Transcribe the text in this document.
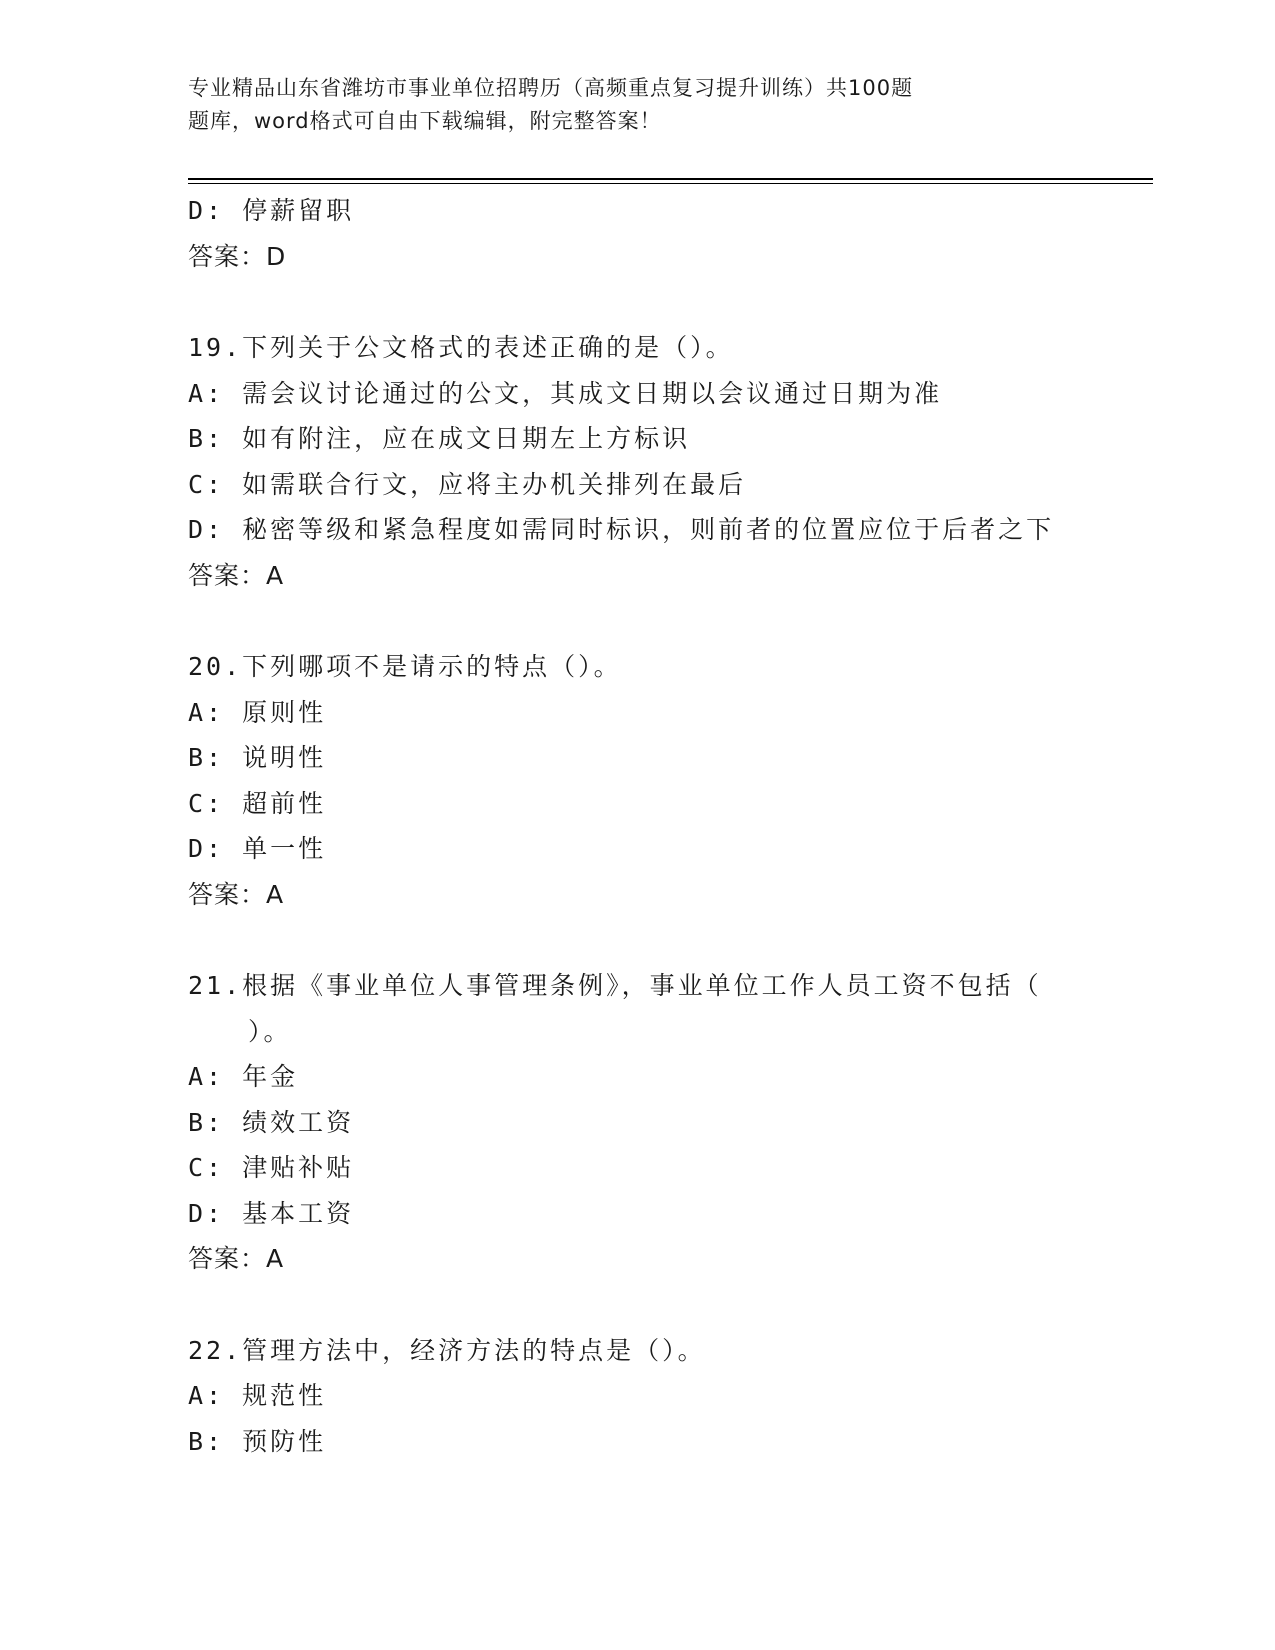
专业精品山东省潍坊市事业单位招聘历（高频重点复习提升训练）共100题
题库，word格式可自由下载编辑，附完整答案！
D: 停薪留职
答案：D
19.下列关于公文格式的表述正确的是（）。
A: 需会议讨论通过的公文，其成文日期以会议通过日期为准
B: 如有附注，应在成文日期左上方标识
C: 如需联合行文，应将主办机关排列在最后
D: 秘密等级和紧急程度如需同时标识，则前者的位置应位于后者之下
答案：A
20.下列哪项不是请示的特点（）。
A: 原则性
B: 说明性
C: 超前性
D: 单一性
答案：A
21.根据《事业单位人事管理条例》，事业单位工作人员工资不包括（
）。
A: 年金
B: 绩效工资
C: 津贴补贴
D: 基本工资
答案：A
22.管理方法中，经济方法的特点是（）。
A: 规范性
B: 预防性
